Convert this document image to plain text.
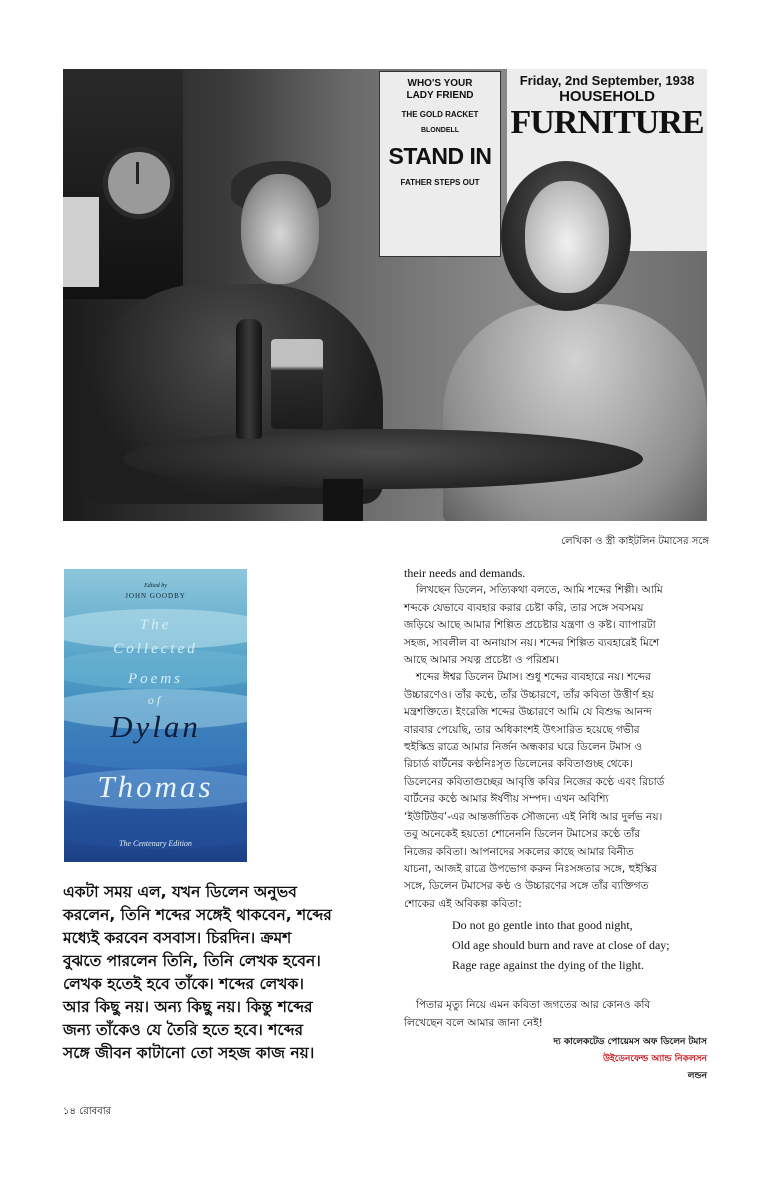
WHO'S YOUR
LADY FRIEND

THE GOLD RACKET
BLONDELL
STAND IN
FATHER STEPS OUT
Friday, 2nd September, 1938
HOUSEHOLD
FURNITURE

লেখিকা ও স্ত্রী কাইটলিন টমাসের সঙ্গে
Edited by
JOHN GOODBY
The
Collected
Poems
of
Dylan
Thomas
The Centenary Edition
একটা সময় এল, যখন ডিলেন অনুভব
করলেন, তিনি শব্দের সঙ্গেই থাকবেন, শব্দের
মধ্যেই করবেন বসবাস। চিরদিন। ক্রমশ
বুঝতে পারলেন তিনি, তিনি লেখক হবেন।
লেখক হতেই হবে তাঁকে। শব্দের লেখক।
আর কিছু নয়। অন্য কিছু নয়। কিন্তু শব্দের
জন্য তাঁকেও যে তৈরি হতে হবে। শব্দের
সঙ্গে জীবন কাটানো তো সহজ কাজ নয়।
১৪ রোববার
their needs and demands.
লিখছেন ডিলেন, সত্যিকথা বলতে, আমি শব্দের শিল্পী। আমি
শব্দকে যেভাবে ব্যবহার করার চেষ্টা করি, তার সঙ্গে সবসময়
জড়িয়ে আছে আমার শিল্পিত প্রচেষ্টার যন্ত্রণা ও কষ্ট। ব্যাপারটা
সহজ, সাবলীল বা অনায়াস নয়। শব্দের শিল্পিত ব্যবহারেই মিশে
আছে আমার সযত্ন প্রচেষ্টা ও পরিশ্রম।
শব্দের ঈশ্বর ডিলেন টমাস। শুধু শব্দের ব্যবহারে নয়। শব্দের
উচ্চারণেও। তাঁর কণ্ঠে, তাঁর উচ্চারণে, তাঁর কবিতা উত্তীর্ণ হয়
মন্ত্রশক্তিতে। ইংরেজি শব্দের উচ্চারণে আমি যে বিশুদ্ধ আনন্দ
বারবার পেয়েছি, তার অধিকাংশই উৎসারিত হয়েছে গভীর
হুইস্কিভ্র রাত্রে আমার নির্জন অন্ধকার ঘরে ডিলেন টমাস ও
রিচার্ড বার্টনের কণ্ঠনিঃসৃত ডিলেনের কবিতাগুচ্ছ থেকে।
ডিলেনের কবিতাগুচ্ছের আবৃত্তি কবির নিজের কণ্ঠে এবং রিচার্ড
বার্টনের কণ্ঠে আমার ঈর্ষণীয় সম্পদ। এখন অবিশ্যি
‘ইউটিউব’-এর আন্তর্জাতিক সৌজন্যে এই নিধি আর দুর্লভ নয়।
তবু অনেকেই হয়তো শোনেননি ডিলেন টমাসের কণ্ঠে তাঁর
নিজের কবিতা। আপনাদের সকলের কাছে আমার বিনীত
যাচনা, আজই রাত্রে উপভোগ করুন নিঃসঙ্গতার সঙ্গে, হুইস্কির
সঙ্গে, ডিলেন টমাসের কণ্ঠ ও উচ্চারণের সঙ্গে তাঁর ব্যক্তিগত
শোকের এই অবিকল্প কবিতা:
Do not go gentle into that good night,
Old age should burn and rave at close of day;
Rage rage against the dying of the light.
পিতার মৃত্যু নিয়ে এমন কবিতা জগতের আর কোনও কবি
লিখেছেন বলে আমার জানা নেই!
দ্য কালেকটেড পোয়েমস অফ ডিলেন টমাস
উইডেনফেল্ড অ্যান্ড নিকলসন
লন্ডন
